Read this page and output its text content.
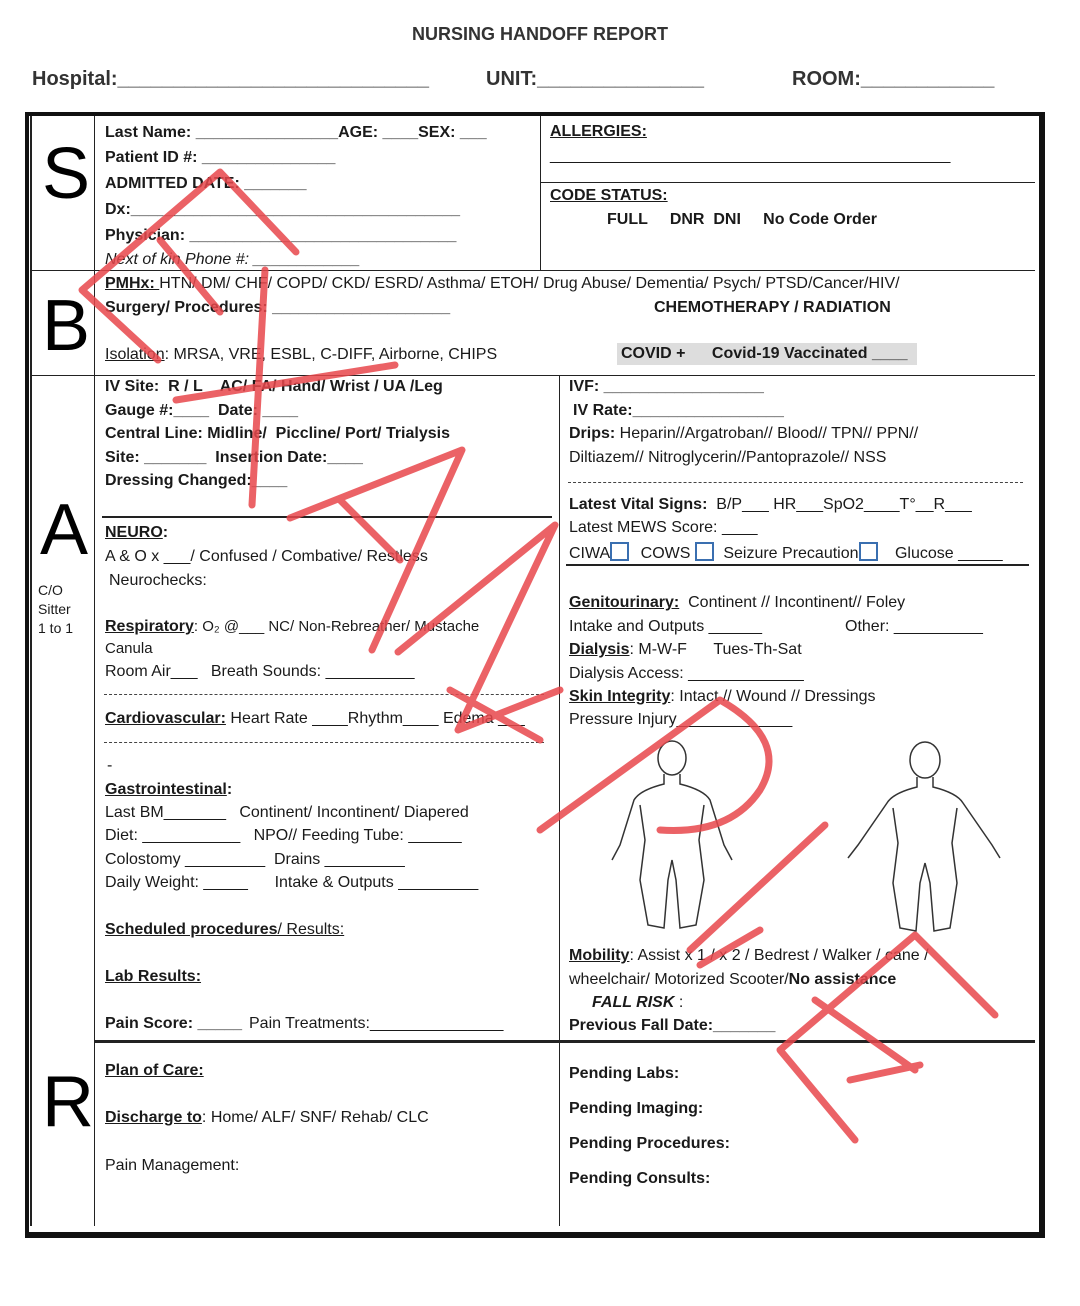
NURSING HANDOFF REPORT
Hospital:____________________________	UNIT:_______________	ROOM:____________
S
B
A
R
C/O
Sitter
1 to 1
Last Name: ________________AGE: ____SEX: ___
Patient ID #: _______________
ADMITTED DATE: _______
Dx:_____________________________________
Physician: ______________________________
Next of kin Phone #: ____________
ALLERGIES:
_____________________________________________
CODE STATUS:
FULL     DNR  DNI     No Code Order
PMHx: HTN/ DM/ CHF/ COPD/ CKD/ ESRD/ Asthma/ ETOH/ Drug Abuse/ Dementia/ Psych/ PTSD/Cancer/HIV/
Surgery/ Procedures: ____________________	CHEMOTHERAPY / RADIATION
Isolation: MRSA, VRE, ESBL, C-DIFF, Airborne, CHIPS	COVID + Covid-19 Vaccinated ____
IV Site:  R / L    AC/ FA/ Hand/ Wrist / UA /Leg
Gauge #:____  Date: ____
Central Line: Midline/  Piccline/ Port/ Trialysis
Site: _______  Insertion Date:____
Dressing Changed:____
NEURO:
A & O x ___/ Confused / Combative/ Restless
Neurochecks:
Respiratory: O₂ @___ NC/ Non-Rebreather/ Mustache
Canula
Room Air___   Breath Sounds: __________
Cardiovascular: Heart Rate ____Rhythm____ Edema ___
-
Gastrointestinal:
Last BM_______   Continent/ Incontinent/ Diapered
Diet: ___________   NPO// Feeding Tube: ______
Colostomy _________  Drains _________
Daily Weight: _____      Intake & Outputs _________
Scheduled procedures/ Results:
Lab Results:
Pain Score: _____ Pain Treatments:_______________
IVF: __________________
IV Rate:_________________
Drips: Heparin//Argatroban// Blood// TPN// PPN//
Diltiazem// Nitroglycerin//Pantoprazole// NSS
Latest Vital Signs:  B/P___ HR___SpO2____T°__R___
Latest MEWS Score: ____
CIWA COWS Seizure Precaution Glucose _____
Genitourinary:  Continent // Incontinent// Foley
Intake and Outputs ______	Other: __________
Dialysis: M-W-F      Tues-Th-Sat
Dialysis Access: _____________
Skin Integrity: Intact // Wound // Dressings
Pressure Injury_____________
Mobility: Assist x 1 / x 2 / Bedrest / Walker / cane /
wheelchair/ Motorized Scooter/No assistance
FALL RISK :
Previous Fall Date:_______
Plan of Care:
Discharge to: Home/ ALF/ SNF/ Rehab/ CLC
Pain Management:
Pending Labs:
Pending Imaging:
Pending Procedures:
Pending Consults:
